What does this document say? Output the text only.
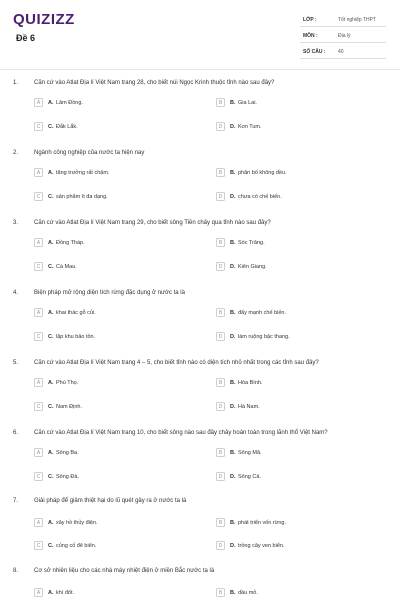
QUIZIZZ
Đề 6
LỚP :	Tốt nghiệp THPT
MÔN :	Địa lý
SỐ CÂU :	40
1.	Căn cứ vào Atlat Địa lí Việt Nam trang 28, cho biết núi Ngọc Krinh thuộc tỉnh nào sau đây?
A	A. Lâm Đồng.	B	B. Gia Lai.
C	C. Đắk Lắk.	D	D. Kon Tum.
2.	Ngành công nghiệp của nước ta hiện nay
A	A. tăng trưởng rất chậm.	B	B. phân bố không đều.
C	C. sản phẩm ít đa dạng.	D	D. chưa có chế biến.
3.	Căn cứ vào Atlat Địa lí Việt Nam trang 29, cho biết sông Tiền chảy qua tỉnh nào sau đây?
A	A. Đồng Tháp.	B	B. Sóc Trăng.
C	C. Cà Mau.	D	D. Kiên Giang.
4.	Biện pháp mở rộng diện tích rừng đặc dụng ở nước ta là
A	A. khai thác gỗ củi.	B	B. đẩy mạnh chế biến.
C	C. lập khu bảo tồn.	D	D. làm ruộng bậc thang.
5.	Căn cứ vào Atlat Địa lí Việt Nam trang 4 – 5, cho biết tỉnh nào có diện tích nhỏ nhất trong các tỉnh sau đây?
A	A. Phú Thọ.	B	B. Hòa Bình.
C	C. Nam Định.	D	D. Hà Nam.
6.	Căn cứ vào Atlat Địa lí Việt Nam trang 10, cho biết sông nào sau đây chảy hoàn toàn trong lãnh thổ Việt Nam?
A	A. Sông Ba.	B	B. Sông Mã.
C	C. Sông Đà.	D	D. Sông Cả.
7.	Giải pháp để giảm thiệt hại do lũ quét gây ra ở nước ta là
A	A. xây hồ thủy điện.	B	B. phát triển vốn rừng.
C	C. củng cố đê biển.	D	D. trồng cây ven biển.
8.	Cơ sở nhiên liệu cho các nhà máy nhiệt điện ở miền Bắc nước ta là
A	A. khí đốt.	B	B. dầu mỏ.
